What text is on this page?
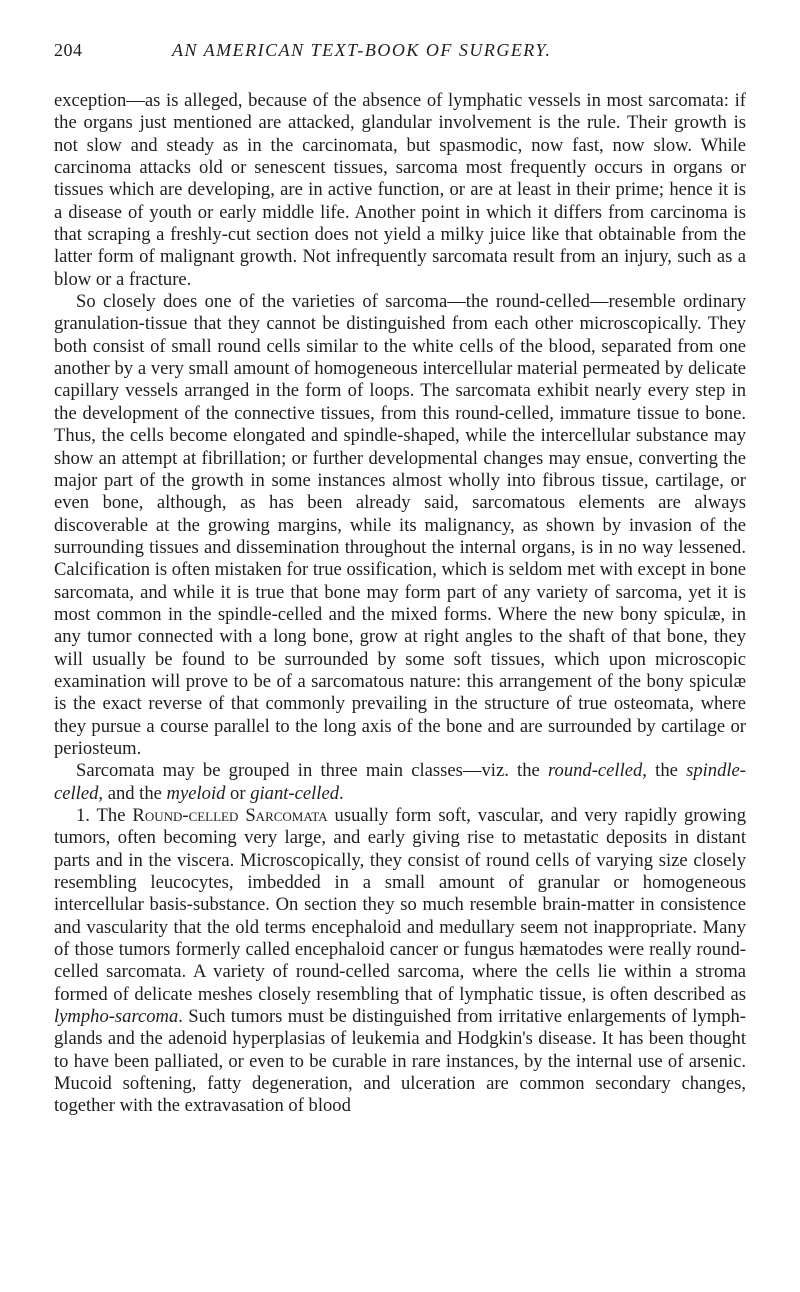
204	AN AMERICAN TEXT-BOOK OF SURGERY.

exception—as is alleged, because of the absence of lymphatic vessels in most sarcomata: if the organs just mentioned are attacked, glandular involvement is the rule. Their growth is not slow and steady as in the carcinomata, but spasmodic, now fast, now slow. While carcinoma attacks old or senescent tissues, sarcoma most frequently occurs in organs or tissues which are developing, are in active function, or are at least in their prime; hence it is a disease of youth or early middle life. Another point in which it differs from carcinoma is that scraping a freshly-cut section does not yield a milky juice like that obtainable from the latter form of malignant growth. Not infrequently sarcomata result from an injury, such as a blow or a fracture.

So closely does one of the varieties of sarcoma—the round-celled—resemble ordinary granulation-tissue that they cannot be distinguished from each other microscopically. They both consist of small round cells similar to the white cells of the blood, separated from one another by a very small amount of homogeneous intercellular material permeated by delicate capillary vessels arranged in the form of loops. The sarcomata exhibit nearly every step in the development of the connective tissues, from this round-celled, immature tissue to bone. Thus, the cells become elongated and spindle-shaped, while the intercellular substance may show an attempt at fibrillation; or further developmental changes may ensue, converting the major part of the growth in some instances almost wholly into fibrous tissue, cartilage, or even bone, although, as has been already said, sarcomatous elements are always discoverable at the growing margins, while its malignancy, as shown by invasion of the surrounding tissues and dissemination throughout the internal organs, is in no way lessened. Calcification is often mistaken for true ossification, which is seldom met with except in bone sarcomata, and while it is true that bone may form part of any variety of sarcoma, yet it is most common in the spindle-celled and the mixed forms. Where the new bony spiculæ, in any tumor connected with a long bone, grow at right angles to the shaft of that bone, they will usually be found to be surrounded by some soft tissues, which upon microscopic examination will prove to be of a sarcomatous nature: this arrangement of the bony spiculæ is the exact reverse of that commonly prevailing in the structure of true osteomata, where they pursue a course parallel to the long axis of the bone and are surrounded by cartilage or periosteum.

Sarcomata may be grouped in three main classes—viz. the round-celled, the spindle-celled, and the myeloid or giant-celled.

1. The Round-celled Sarcomata usually form soft, vascular, and very rapidly growing tumors, often becoming very large, and early giving rise to metastatic deposits in distant parts and in the viscera. Microscopically, they consist of round cells of varying size closely resembling leucocytes, imbedded in a small amount of granular or homogeneous intercellular basis-substance. On section they so much resemble brain-matter in consistence and vascularity that the old terms encephaloid and medullary seem not inappropriate. Many of those tumors formerly called encephaloid cancer or fungus hæmatodes were really round-celled sarcomata. A variety of round-celled sarcoma, where the cells lie within a stroma formed of delicate meshes closely resembling that of lymphatic tissue, is often described as lympho-sarcoma. Such tumors must be distinguished from irritative enlargements of lymph-glands and the adenoid hyperplasias of leukemia and Hodgkin's disease. It has been thought to have been palliated, or even to be curable in rare instances, by the internal use of arsenic. Mucoid softening, fatty degeneration, and ulceration are common secondary changes, together with the extravasation of blood
